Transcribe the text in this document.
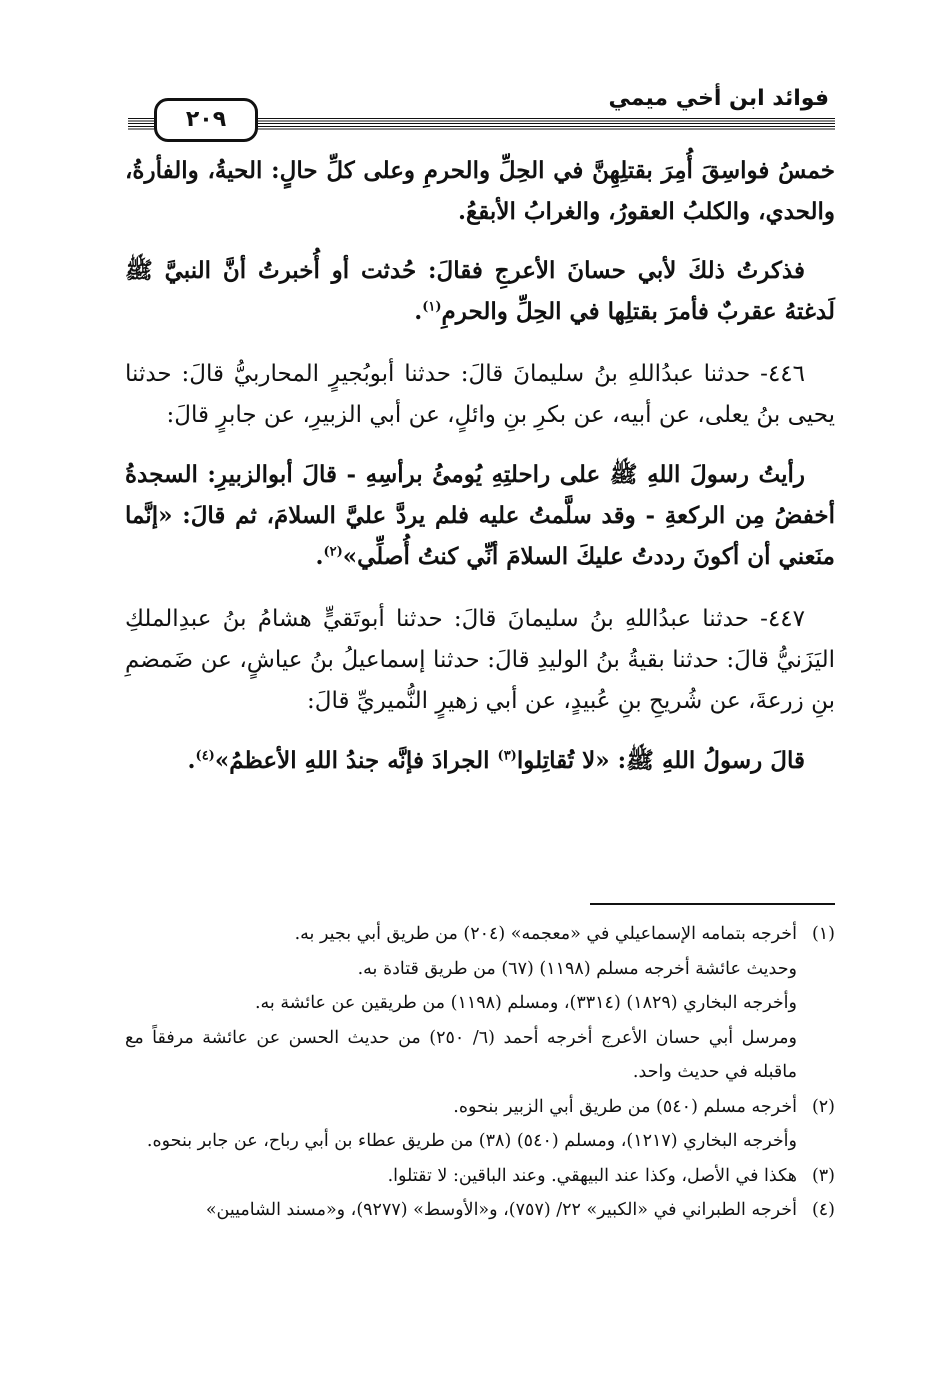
فوائد ابن أخي ميمي
٢٠٩

خمسُ فواسِقَ أُمِرَ بقتلِهِنَّ في الحِلِّ والحرمِ وعلى كلِّ حالٍ: الحيةُ، والفأرةُ، والحدي، والكلبُ العقورُ، والغرابُ الأبقعُ.

فذكرتُ ذلكَ لأبي حسانَ الأعرجِ فقالَ: حُدثت أو أُخبرتُ أنَّ النبيَّ ﷺ لَدغتهُ عقربٌ فأمرَ بقتلِها في الحِلِّ والحرمِ$^{(١)}$.

٤٤٦- حدثنا عبدُاللهِ بنُ سليمانَ قالَ: حدثنا أبوبُجيرٍ المحاربيُّ قالَ: حدثنا يحيى بنُ يعلى، عن أبيه، عن بكرِ بنِ وائلٍ، عن أبي الزبيرِ، عن جابرٍ قالَ:

رأيتُ رسولَ اللهِ ﷺ على راحلتِهِ يُومئُ برأسِهِ - قالَ أبوالزبيرِ: السجدةُ أخفضُ مِن الركعةِ - وقد سلَّمتُ عليه فلم يردَّ عليَّ السلامَ، ثم قالَ: «إنَّما منَعني أن أكونَ رددتُ عليكَ السلامَ أنِّي كنتُ أُصلِّي»$^{(٢)}$.

٤٤٧- حدثنا عبدُاللهِ بنُ سليمانَ قالَ: حدثنا أبوتَقيٍّ هشامُ بنُ عبدِالملكِ اليَزَنيُّ قالَ: حدثنا بقيةُ بنُ الوليدِ قالَ: حدثنا إسماعيلُ بنُ عياشٍ، عن ضَمضمِ بنِ زرعةَ، عن شُريحِ بنِ عُبيدٍ، عن أبي زهيرٍ النُّميريِّ قالَ:

قالَ رسولُ اللهِ ﷺ: «لا تُقاتِلوا$^{(٣)}$ الجرادَ فإنَّه جندُ اللهِ الأعظمُ»$^{(٤)}$.

(١)

أخرجه بتمامه الإسماعيلي في «معجمه» (٢٠٤) من طريق أبي بجير به.

وحديث عائشة أخرجه مسلم (١١٩٨) (٦٧) من طريق قتادة به.

وأخرجه البخاري (١٨٢٩) (٣٣١٤)، ومسلم (١١٩٨) من طريقين عن عائشة به.

ومرسل أبي حسان الأعرج أخرجه أحمد (٦/ ٢٥٠) من حديث الحسن عن عائشة مرفقاً مع ماقبله في حديث واحد.

(٢)

أخرجه مسلم (٥٤٠) من طريق أبي الزبير بنحوه.

وأخرجه البخاري (١٢١٧)، ومسلم (٥٤٠) (٣٨) من طريق عطاء بن أبي رباح، عن جابر بنحوه.

(٣)

هكذا في الأصل، وكذا عند البيهقي. وعند الباقين: لا تقتلوا.

(٤)

أخرجه الطبراني في «الكبير» ٢٢/ (٧٥٧)، و«الأوسط» (٩٢٧٧)، و«مسند الشاميين»
